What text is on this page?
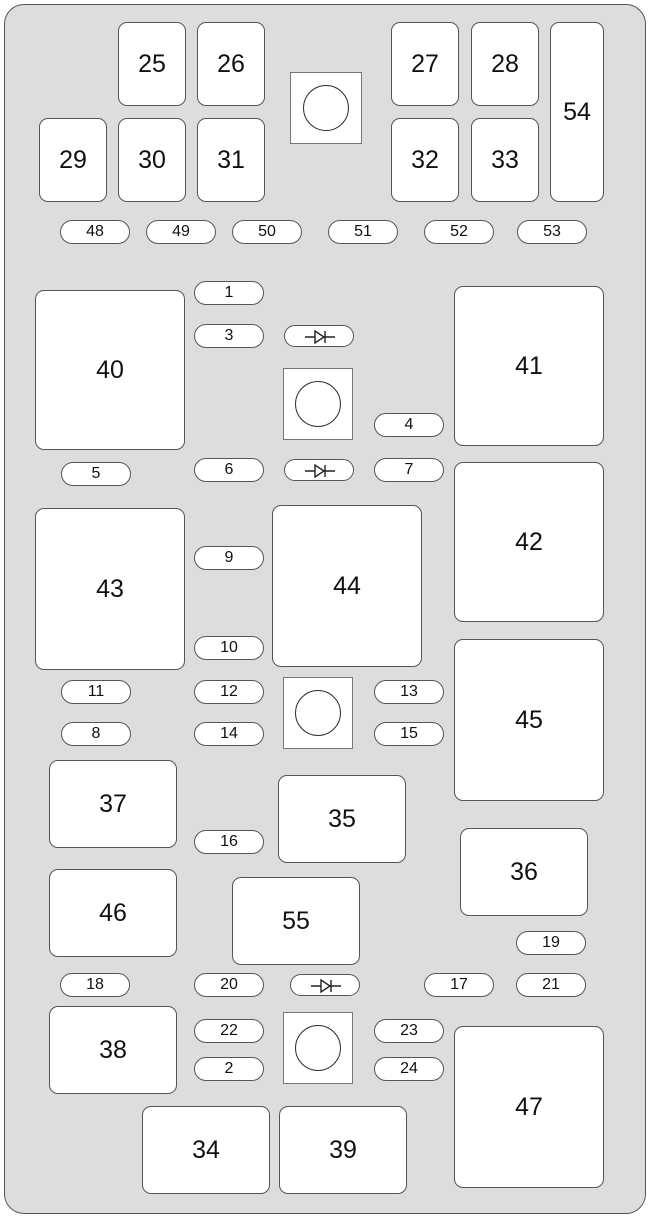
25	26	27	28
54
29	30	31	32	33
48	49	50	51	52	53
40	41
1
3
4
5	6	7
42
43
9
44
10
45
11	12	13
8	14	15
37
35
16
36
46	55
19
18	20	17	21
38
22	23
2	24
47
34	39
